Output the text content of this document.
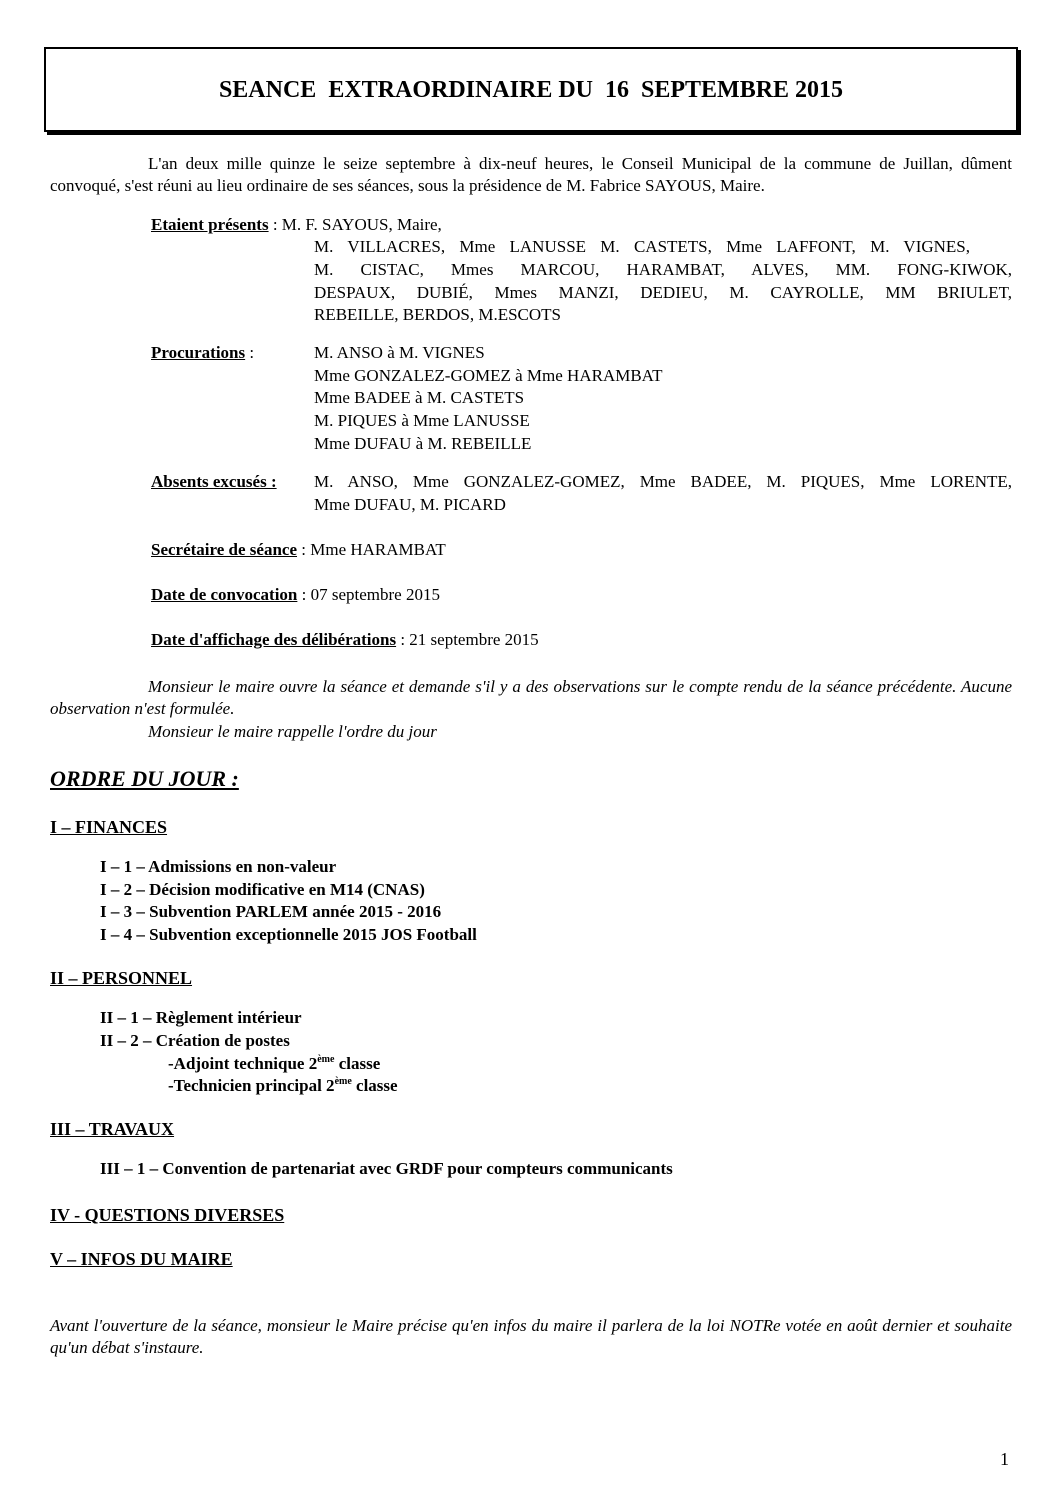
SEANCE  EXTRAORDINAIRE DU  16  SEPTEMBRE 2015
L'an deux mille quinze le seize septembre à dix-neuf heures, le Conseil Municipal de la commune de Juillan, dûment convoqué, s'est réuni au lieu ordinaire de ses séances, sous la présidence de M. Fabrice SAYOUS, Maire.
Etaient présents : M. F. SAYOUS, Maire,
M. VILLACRES, Mme LANUSSE M. CASTETS, Mme LAFFONT, M. VIGNES,
M. CISTAC, Mmes MARCOU, HARAMBAT, ALVES, MM. FONG-KIWOK,
DESPAUX, DUBIÉ, Mmes MANZI, DEDIEU, M. CAYROLLE, MM BRIULET,
REBEILLE, BERDOS, M.ESCOTS
Procurations :	M. ANSO à M. VIGNES
Mme GONZALEZ-GOMEZ à Mme HARAMBAT
Mme BADEE à M. CASTETS
M. PIQUES à Mme LANUSSE
Mme DUFAU à M. REBEILLE
Absents excusés : M. ANSO, Mme GONZALEZ-GOMEZ, Mme BADEE, M. PIQUES, Mme LORENTE,
Mme DUFAU, M. PICARD
Secrétaire de séance : Mme HARAMBAT
Date de convocation : 07 septembre 2015
Date d'affichage des délibérations : 21 septembre 2015
Monsieur le maire ouvre la séance et demande s'il y a des observations sur le compte rendu de la séance précédente. Aucune observation n'est formulée.
Monsieur le maire rappelle l'ordre du jour
ORDRE DU JOUR :
I – FINANCES
I – 1 – Admissions en non-valeur
I – 2 – Décision modificative en M14 (CNAS)
I – 3 – Subvention PARLEM année 2015 - 2016
I – 4 – Subvention exceptionnelle 2015 JOS Football
II – PERSONNEL
II – 1 – Règlement intérieur
II – 2 – Création de postes
-Adjoint technique 2ème classe
-Technicien principal 2ème classe
III – TRAVAUX
III – 1 – Convention de partenariat avec GRDF pour compteurs communicants
IV - QUESTIONS DIVERSES
V – INFOS DU MAIRE
Avant l'ouverture de la séance, monsieur le Maire précise qu'en infos du maire il parlera de la loi NOTRe votée en août dernier et souhaite qu'un débat s'instaure.
1
